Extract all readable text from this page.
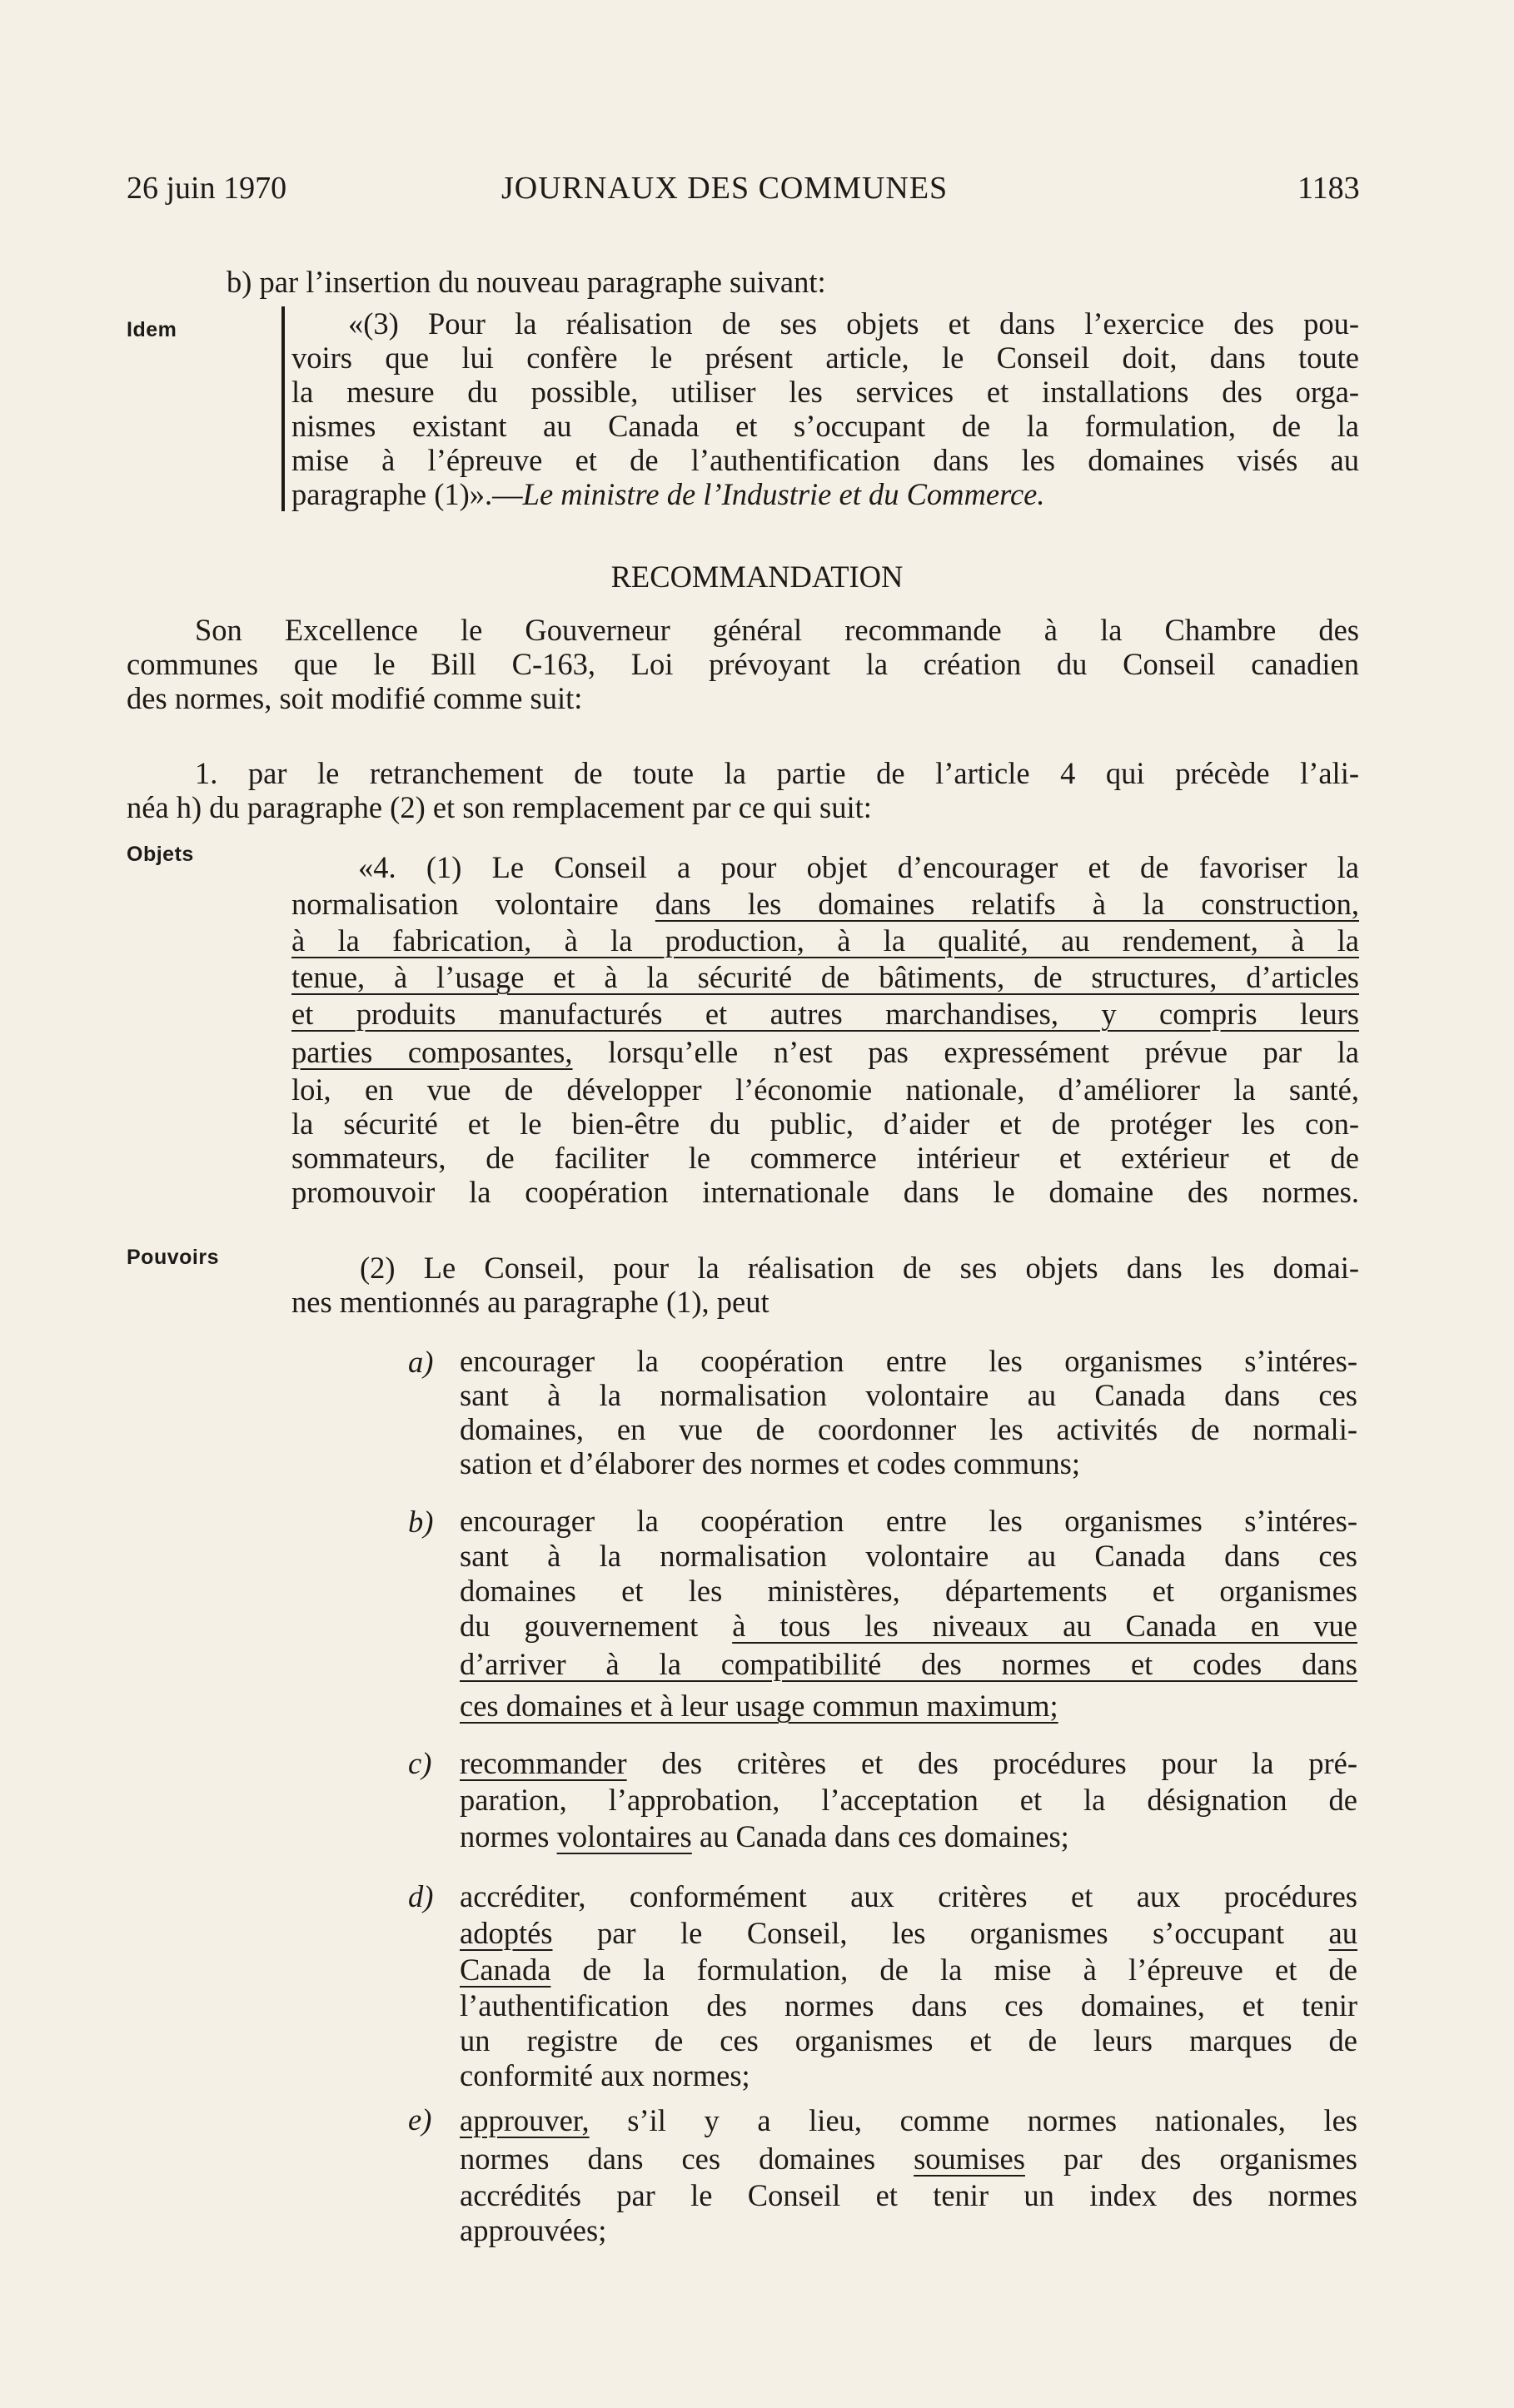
26 juin 1970	JOURNAUX DES COMMUNES	1183
b) par l’insertion du nouveau paragraphe suivant:
Idem	«(3) Pour la réalisation de ses objets et dans l’exercice des pou-
voirs que lui confère le présent article, le Conseil doit, dans toute
la mesure du possible, utiliser les services et installations des orga-
nismes existant au Canada et s’occupant de la formulation, de la
mise à l’épreuve et de l’authentification dans les domaines visés au
paragraphe (1)».—Le ministre de l’Industrie et du Commerce.
RECOMMANDATION
Son Excellence le Gouverneur général recommande à la Chambre des
communes que le Bill C-163, Loi prévoyant la création du Conseil canadien
des normes, soit modifié comme suit:
1. par le retranchement de toute la partie de l’article 4 qui précède l’ali-
néa h) du paragraphe (2) et son remplacement par ce qui suit:
Objets	«4. (1) Le Conseil a pour objet d’encourager et de favoriser la
normalisation volontaire dans les domaines relatifs à la construction,
à la fabrication, à la production, à la qualité, au rendement, à la
tenue, à l’usage et à la sécurité de bâtiments, de structures, d’articles
et produits manufacturés et autres marchandises, y compris leurs
parties composantes, lorsqu’elle n’est pas expressément prévue par la
loi, en vue de développer l’économie nationale, d’améliorer la santé,
la sécurité et le bien-être du public, d’aider et de protéger les con-
sommateurs, de faciliter le commerce intérieur et extérieur et de
promouvoir la coopération internationale dans le domaine des normes.
Pouvoirs	(2) Le Conseil, pour la réalisation de ses objets dans les domai-
nes mentionnés au paragraphe (1), peut
a) encourager la coopération entre les organismes s’intéres-
sant à la normalisation volontaire au Canada dans ces
domaines, en vue de coordonner les activités de normali-
sation et d’élaborer des normes et codes communs;
b) encourager la coopération entre les organismes s’intéres-
sant à la normalisation volontaire au Canada dans ces
domaines et les ministères, départements et organismes
du gouvernement à tous les niveaux au Canada en vue
d’arriver à la compatibilité des normes et codes dans
ces domaines et à leur usage commun maximum;
c) recommander des critères et des procédures pour la pré-
paration, l’approbation, l’acceptation et la désignation de
normes volontaires au Canada dans ces domaines;
d) accréditer, conformément aux critères et aux procédures
adoptés par le Conseil, les organismes s’occupant au
Canada de la formulation, de la mise à l’épreuve et de
l’authentification des normes dans ces domaines, et tenir
un registre de ces organismes et de leurs marques de
conformité aux normes;
e) approuver, s’il y a lieu, comme normes nationales, les
normes dans ces domaines soumises par des organismes
accrédités par le Conseil et tenir un index des normes
approuvées;
